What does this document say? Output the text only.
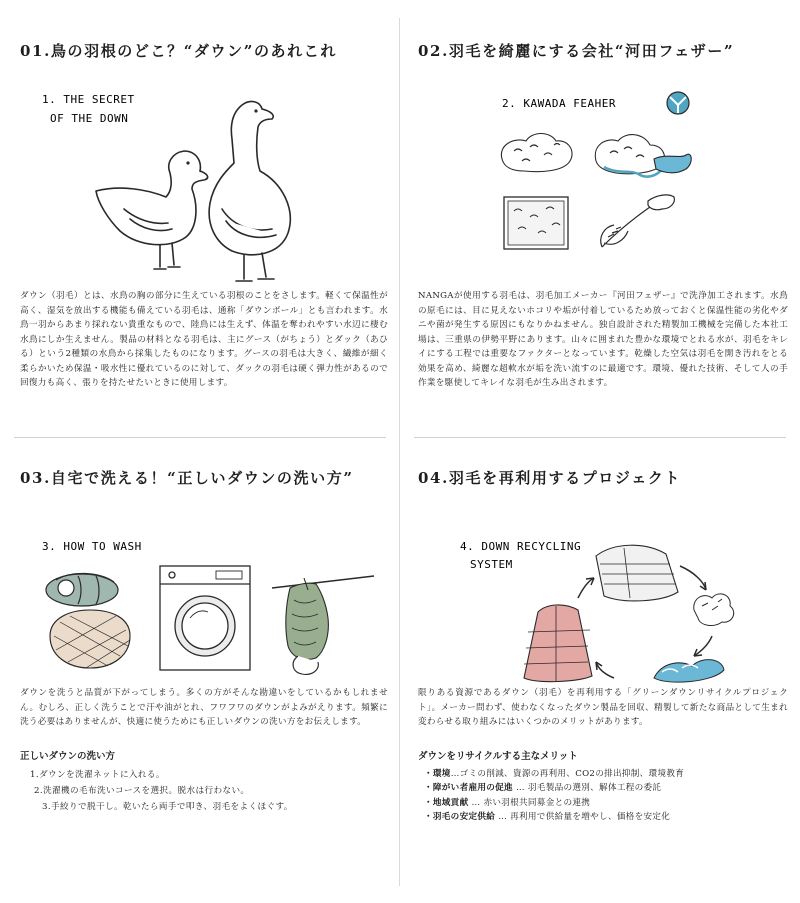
01.鳥の羽根のどこ？“ダウン”のあれこれ
1. THE SECRET
OF THE DOWN

ダウン（羽毛）とは、水鳥の胸の部分に生えている羽根のことをさします。軽くて保温性が高く、湿気を放出する機能も備えている羽毛は、通称「ダウンボール」とも言われます。水鳥一羽からあまり採れない貴重なもので、陸鳥には生えず、体温を奪われやすい水辺に棲む水鳥にしか生えません。製品の材料となる羽毛は、主にグース（がちょう）とダック（あひる）という2種類の水鳥から採集したものになります。グースの羽毛は大きく、繊維が細く柔らかいため保温・吸水性に優れているのに対して、ダックの羽毛は硬く弾力性があるので回復力も高く、張りを持たせたいときに使用します。

02.羽毛を綺麗にする会社“河田フェザー”
2. KAWADA FEAHER

NANGAが使用する羽毛は、羽毛加工メーカー『河田フェザー』で洗浄加工されます。水鳥の原毛には、目に見えないホコリや垢が付着しているため放っておくと保温性能の劣化やダニや菌が発生する原因にもなりかねません。独自設計された精製加工機械を完備した本社工場は、三重県の伊勢平野にあります。山々に囲まれた豊かな環境でとれる水が、羽毛をキレイにする工程では重要なファクターとなっています。乾燥した空気は羽毛を開き汚れをとる効果を高め、綺麗な超軟水が垢を洗い流すのに最適です。環境、優れた技術、そして人の手作業を駆使してキレイな羽毛が生み出されます。

03.自宅で洗える！“正しいダウンの洗い方”
3. HOW TO WASH

ダウンを洗うと品質が下がってしまう。多くの方がそんな勘違いをしているかもしれません。むしろ、正しく洗うことで汗や油がとれ、フワフワのダウンがよみがえります。頻繁に洗う必要はありませんが、快適に使うためにも正しいダウンの洗い方をお伝えします。

正しいダウンの洗い方
1.ダウンを洗濯ネットに入れる。
2.洗濯機の毛布洗いコースを選択。脱水は行わない。
3.手絞りで脱干し。乾いたら両手で叩き、羽毛をよくほぐす。
04.羽毛を再利用するプロジェクト
4. DOWN RECYCLING
SYSTEM

限りある資源であるダウン（羽毛）を再利用する「グリーンダウンリサイクルプロジェクト」。メーカー問わず、使わなくなったダウン製品を回収、精製して新たな商品として生まれ変わらせる取り組みにはいくつかのメリットがあります。

ダウンをリサイクルする主なメリット
・環境…ゴミの削減、資源の再利用、CO2の排出抑制、環境教育
・障がい者雇用の促進 … 羽毛製品の選別、解体工程の委託
・地域貢献 … 赤い羽根共同募金との連携
・羽毛の安定供給 … 再利用で供給量を増やし、価格を安定化
